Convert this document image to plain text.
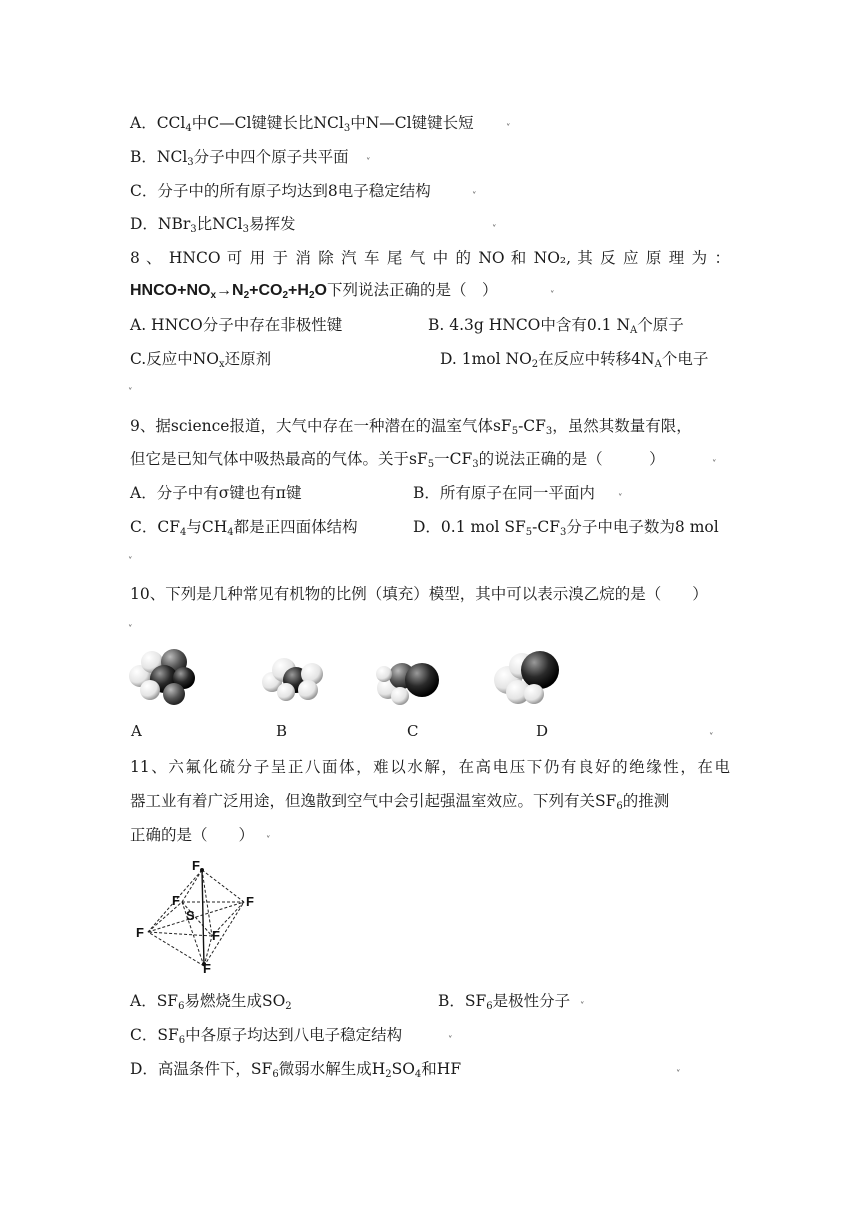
A．CCl$_4$中C—Cl键键长比NCl$_3$中N—Cl键键长短	ˬ
B．NCl$_3$分子中四个原子共平面 ˬ
C．分子中的所有原子均达到8电子稳定结构	ˬ
D．NBr$_3$比NCl$_3$易挥发	ˬ
8 、 HNCO 可 用 于 消 除 汽 车 尾 气 中 的 NO 和 NO₂, 其 反 应 原 理 为 ：
$HNCO+NO_x\to N_2+CO_2+H_2O$下列说法正确的是（　）	ˬ
A. HNCO分子中存在非极性键	B. 4.3g HNCO中含有0.1 $N_A$个原子
C.反应中$NO_x$还原剂	D. 1mol $NO_2$在反应中转移$4N_A$个电子
ˬ
9、据science报道，大气中存在一种潜在的温室气体$sF_5-CF_3$，虽然其数量有限，
但它是已知气体中吸热最高的气体。关于$sF_5$一$CF_3$的说法正确的是（　　　）	ˬ
A．分子中有σ键也有π键	B．所有原子在同一平面内	ˬ
C．$CF_4$与$CH_4$都是正四面体结构	D．0.1 mol $SF_5-CF_3$分子中电子数为8 mol
ˬ
10、下列是几种常见有机物的比例（填充）模型，其中可以表示溴乙烷的是（　　）
ˬ
A	B	C	D	ˬ
11、六氟化硫分子呈正八面体，难以水解，在高电压下仍有良好的绝缘性，在电
器工业有着广泛用途，但逸散到空气中会引起强温室效应。下列有关$SF_6$的推测
正确的是（　　） ˬ
F
F	F
F	F
F
S
A．$SF_6$易燃烧生成$SO_2$	B．$SF_6$是极性分子 ˬ
C．$SF_6$中各原子均达到八电子稳定结构	ˬ
D．高温条件下，$SF_6$微弱水解生成$H_2SO_4$和HF	ˬ
